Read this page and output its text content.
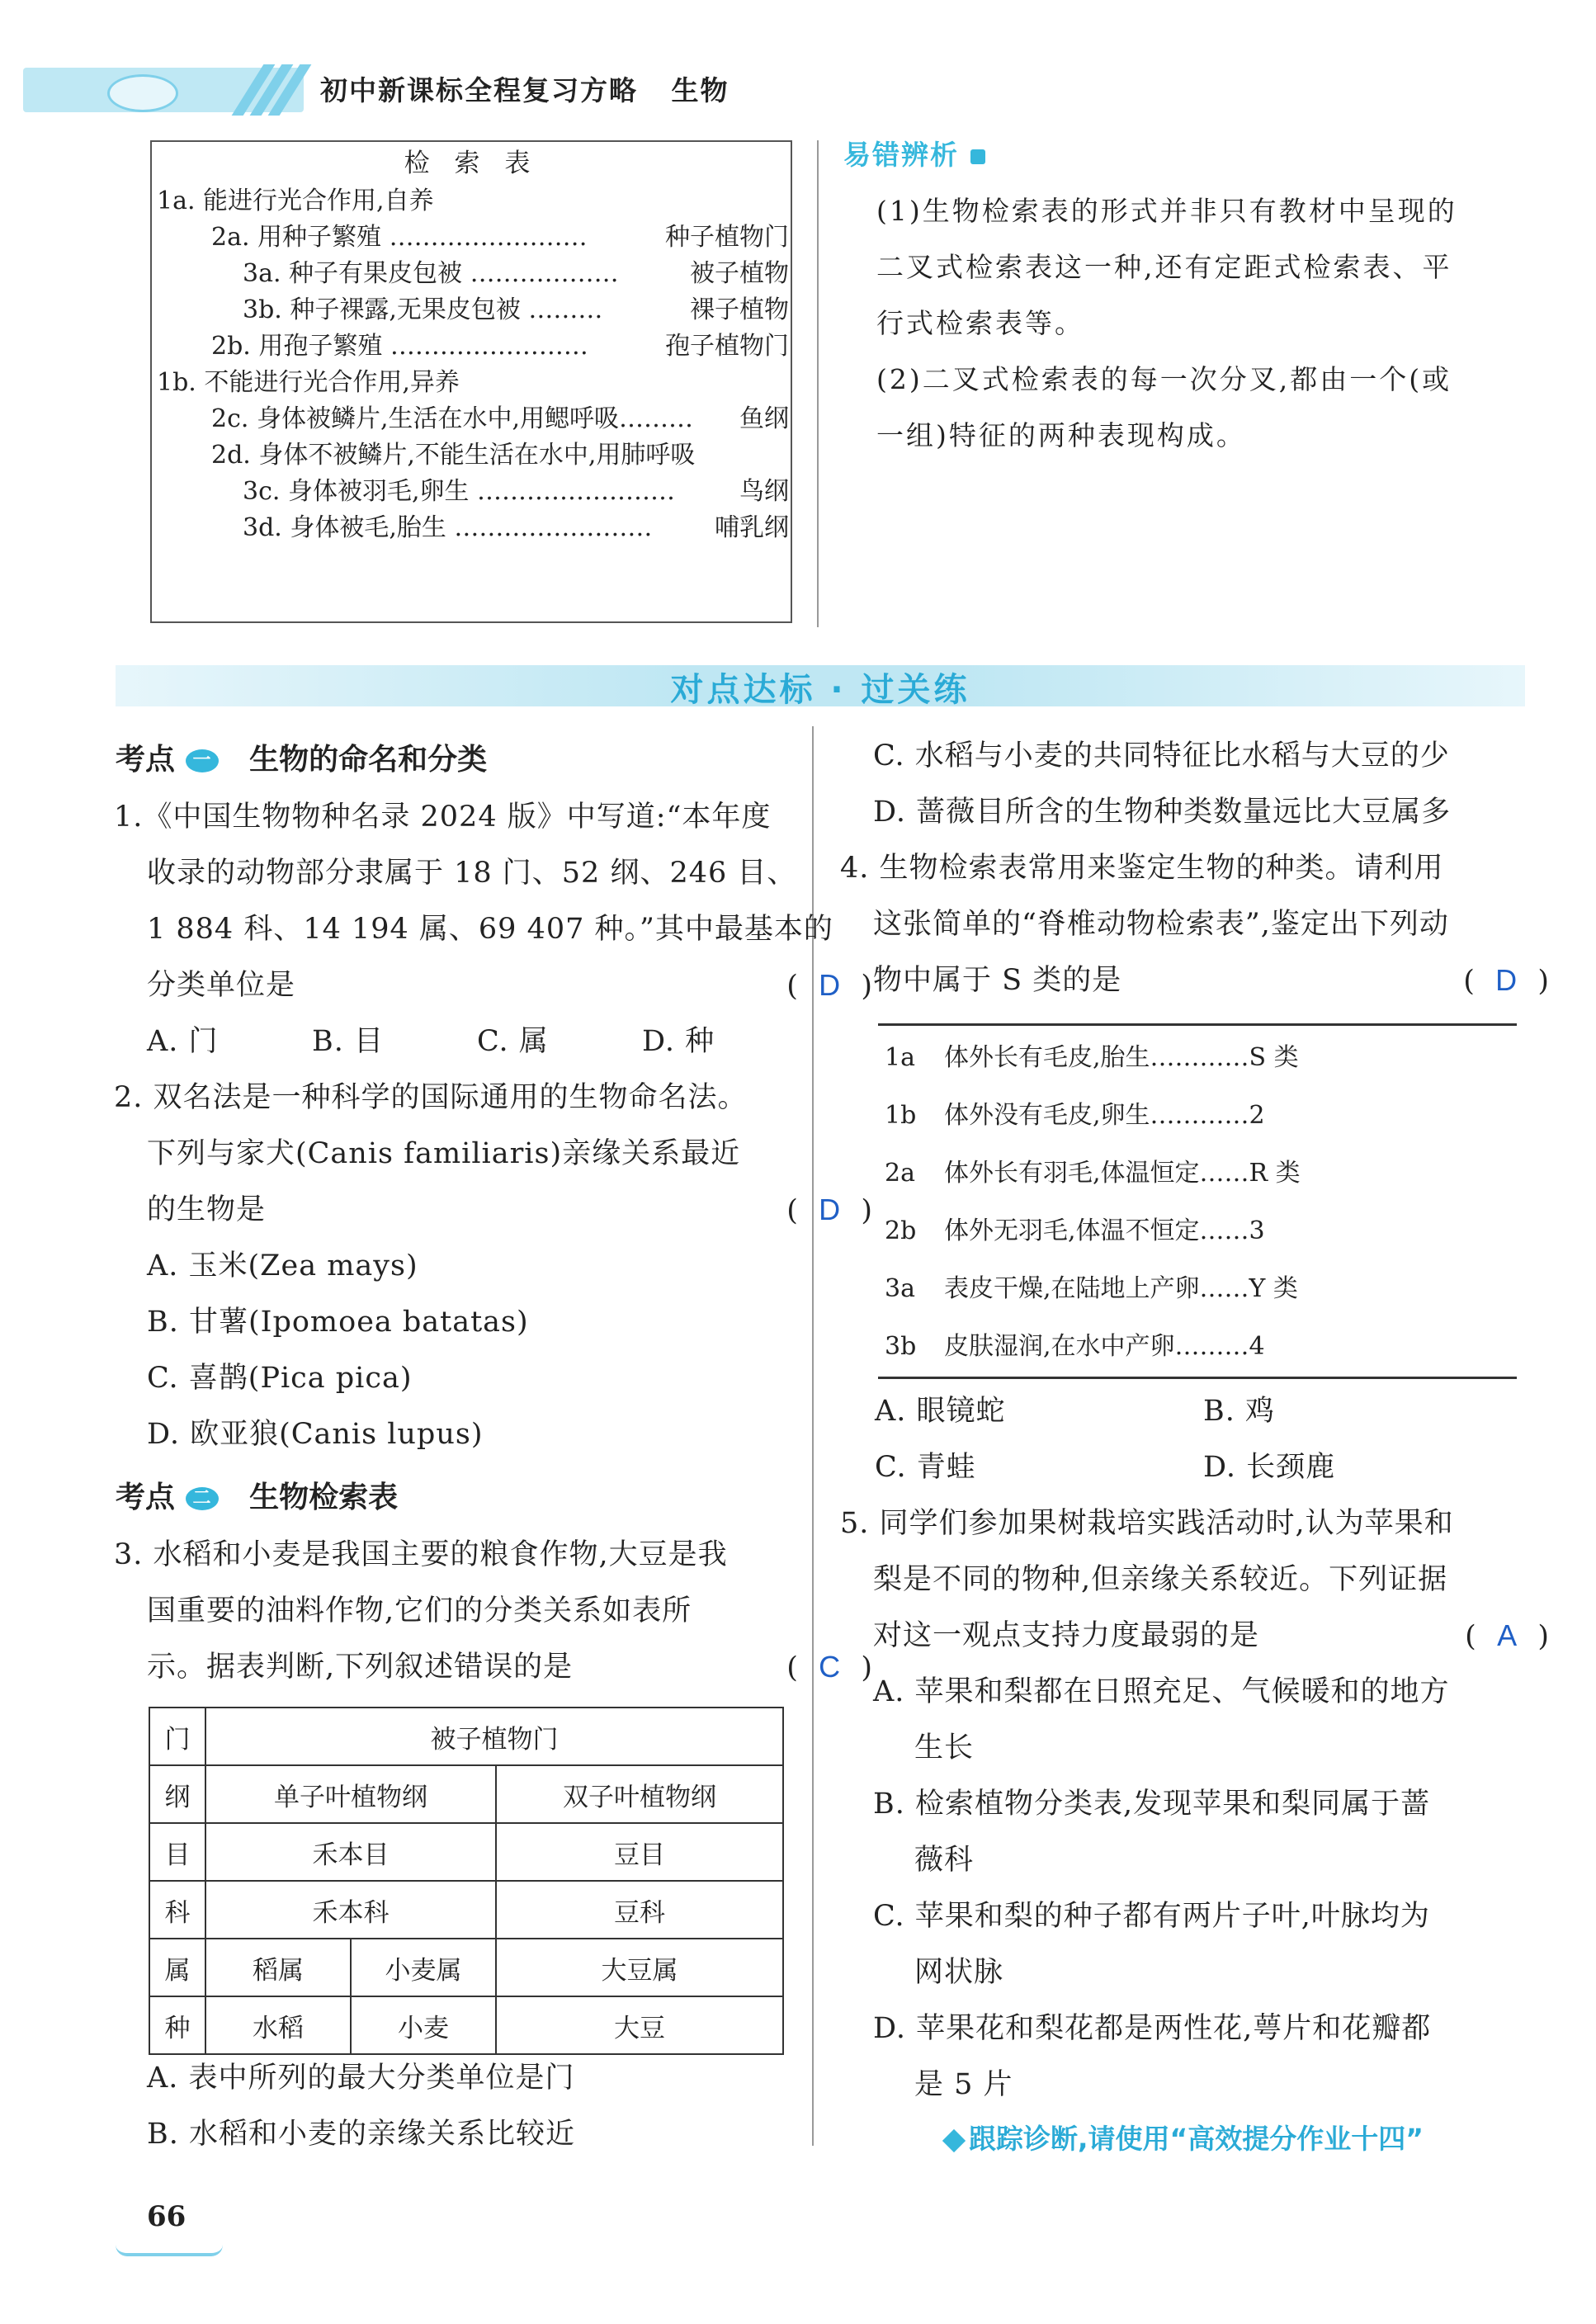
初中新课标全程复习方略 生物
检 索 表
1a. 能进行光合作用,自养
2a. 用种子繁殖 ……………………	种子植物门
3a. 种子有果皮包被 ………………	被子植物
3b. 种子裸露,无果皮包被 ………	裸子植物
2b. 用孢子繁殖 ……………………	孢子植物门
1b. 不能进行光合作用,异养
2c. 身体被鳞片,生活在水中,用鳃呼吸……… 鱼纲
2d. 身体不被鳞片,不能生活在水中,用肺呼吸
3c. 身体被羽毛,卵生 ……………………	鸟纲
3d. 身体被毛,胎生 ……………………	哺乳纲
易错辨析
(1)生物检索表的形式并非只有教材中呈现的
二叉式检索表这一种,还有定距式检索表、平
行式检索表等。
(2)二叉式检索表的每一次分叉,都由一个(或
一组)特征的两种表现构成。
对点达标 · 过关练
考点 一 生物的命名和分类
1.《中国生物物种名录 2024 版》中写道:“本年度
收录的动物部分隶属于 18 门、52 纲、246 目、
1 884 科、14 194 属、69 407 种。”其中最基本的
分类单位是	(  D  )
A. 门	B. 目	C. 属	D. 种
2. 双名法是一种科学的国际通用的生物命名法。
下列与家犬(Canis familiaris)亲缘关系最近
的生物是	(  D  )
A. 玉米(Zea mays)
B. 甘薯(Ipomoea batatas)
C. 喜鹊(Pica pica)
D. 欧亚狼(Canis lupus)
考点 二 生物检索表
3. 水稻和小麦是我国主要的粮食作物,大豆是我
国重要的油料作物,它们的分类关系如表所
示。据表判断,下列叙述错误的是	(  C  )
门	被子植物门		
纲	单子叶植物纲		双子叶植物纲
目	禾本目		豆目
科	禾本科		豆科
属	稻属	小麦属	大豆属
种	水稻	小麦	大豆
A. 表中所列的最大分类单位是门
B. 水稻和小麦的亲缘关系比较近
C. 水稻与小麦的共同特征比水稻与大豆的少
D. 蔷薇目所含的生物种类数量远比大豆属多
4. 生物检索表常用来鉴定生物的种类。请利用
这张简单的“脊椎动物检索表”,鉴定出下列动
物中属于 S 类的是	(  D  )
1a 体外长有毛皮,胎生…………S 类
1b 体外没有毛皮,卵生…………2
2a 体外长有羽毛,体温恒定……R 类
2b 体外无羽毛,体温不恒定……3
3a 表皮干燥,在陆地上产卵……Y 类
3b 皮肤湿润,在水中产卵………4
A. 眼镜蛇	B. 鸡
C. 青蛙	D. 长颈鹿
5. 同学们参加果树栽培实践活动时,认为苹果和
梨是不同的物种,但亲缘关系较近。下列证据
对这一观点支持力度最弱的是	(  A  )
A. 苹果和梨都在日照充足、气候暖和的地方
生长
B. 检索植物分类表,发现苹果和梨同属于蔷
薇科
C. 苹果和梨的种子都有两片子叶,叶脉均为
网状脉
D. 苹果花和梨花都是两性花,萼片和花瓣都
是 5 片
跟踪诊断,请使用“高效提分作业十四”
66
